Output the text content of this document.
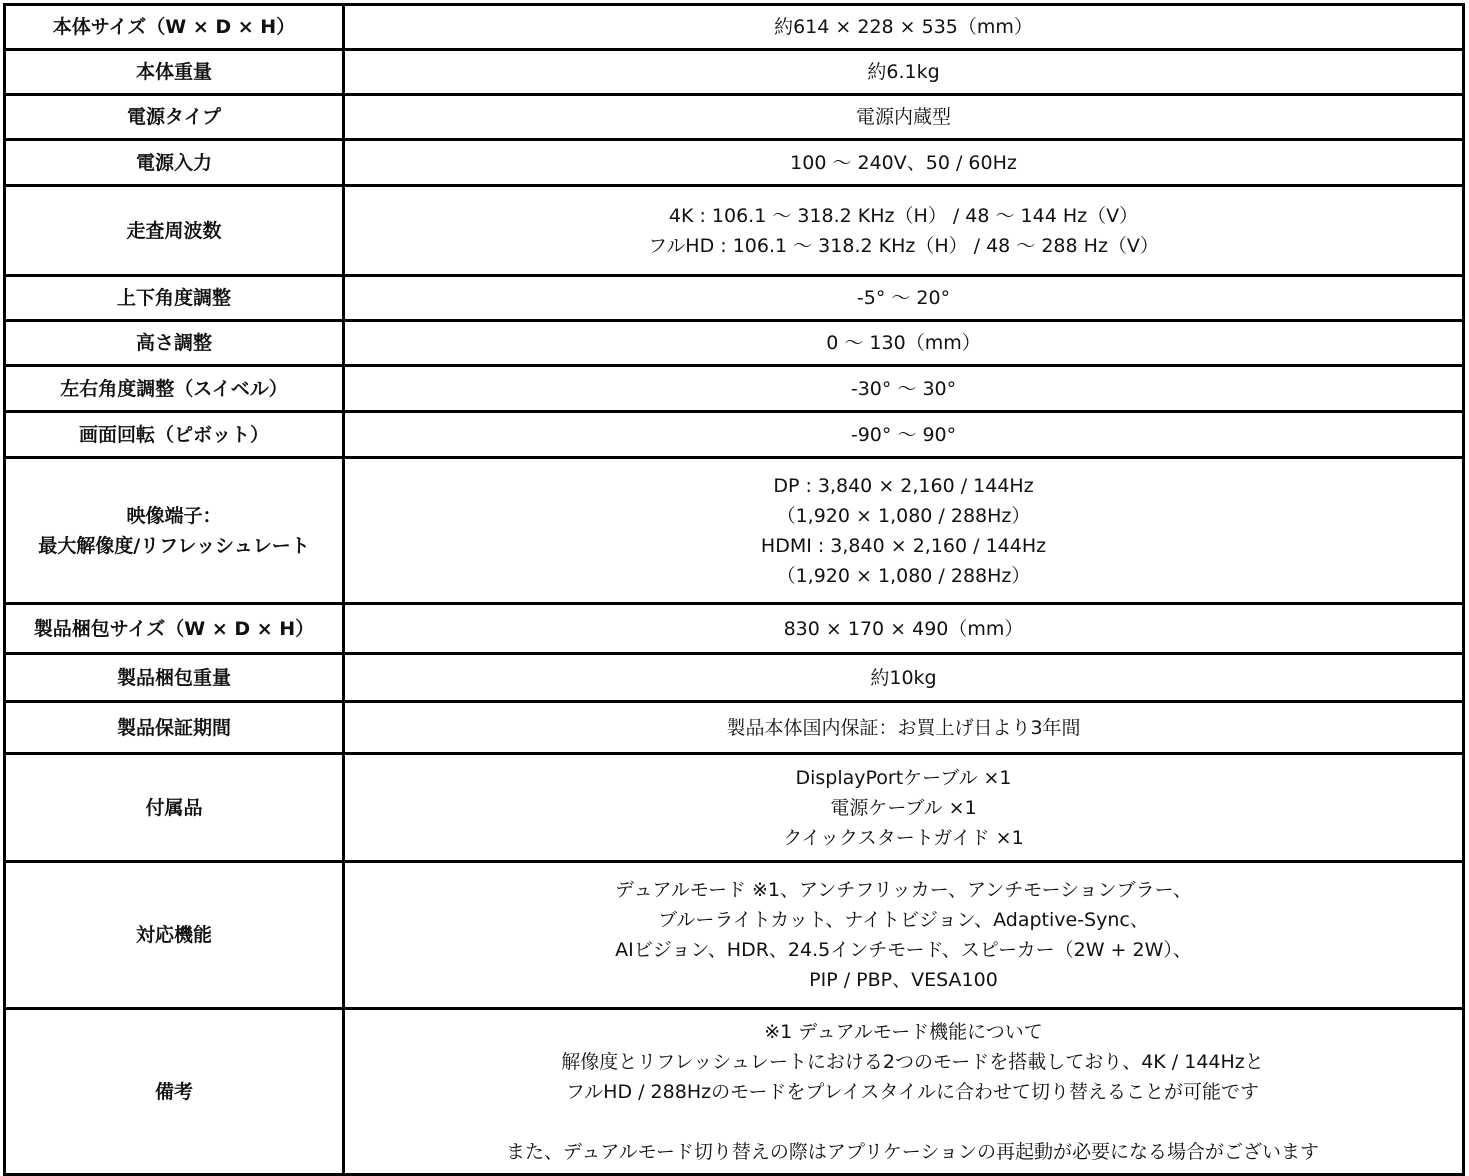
本体サイズ（W × D × H）	約614 × 228 × 535（mm）

本体重量	約6.1kg

電源タイプ	電源内蔵型

電源入力	100 ～ 240V、50 / 60Hz

走査周波数	4K : 106.1 ～ 318.2 KHz（H） / 48 ～ 144 Hz（V）
フルHD : 106.1 ～ 318.2 KHz（H） / 48 ～ 288 Hz（V）

上下角度調整	-5° ～ 20°

高さ調整	0 ～ 130（mm）

左右角度調整（スイベル）	-30° ～ 30°

画面回転（ピボット）	-90° ～ 90°

映像端子：
最大解像度/リフレッシュレート	DP : 3,840 × 2,160 / 144Hz
（1,920 × 1,080 / 288Hz）
HDMI : 3,840 × 2,160 / 144Hz
（1,920 × 1,080 / 288Hz）

製品梱包サイズ（W × D × H）	830 × 170 × 490（mm）

製品梱包重量	約10kg

製品保証期間	製品本体国内保証：お買上げ日より3年間

付属品	DisplayPortケーブル ×1
電源ケーブル ×1
クイックスタートガイド ×1

対応機能	デュアルモード ※1、アンチフリッカー、アンチモーションブラー、
ブルーライトカット、ナイトビジョン、Adaptive-Sync、
AIビジョン、HDR、24.5インチモード、スピーカー（2W + 2W）、
PIP / PBP、VESA100

備考	※1 デュアルモード機能について
解像度とリフレッシュレートにおける2つのモードを搭載しており、4K / 144Hzと
フルHD / 288Hzのモードをプレイスタイルに合わせて切り替えることが可能です
また、デュアルモード切り替えの際はアプリケーションの再起動が必要になる場合がございます
